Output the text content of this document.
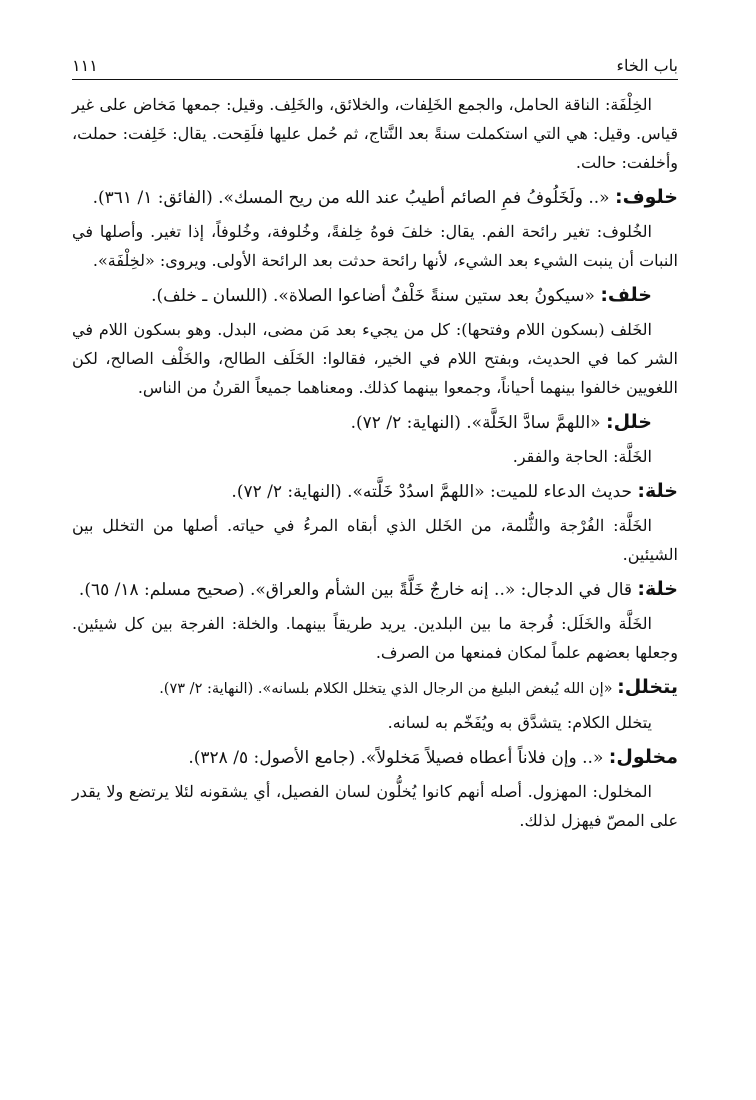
باب الخاء
١١١

الخِلْفَة: الناقة الحامل، والجمع الخَلِفات، والخلائق، والخَلِف. وقيل: جمعها مَخاض على غير قياس. وقيل: هي التي استكملت سنةً بعد النَّتاج، ثم حُمل عليها فلَقِحت. يقال: خَلِفت: حملت، وأخلفت: حالت.

خلوف: «.. ولَخَلُوفُ فمِ الصائم أطيبُ عند الله من ريح المسك». (الفائق: ١/ ٣٦١).

الخُلوف: تغير رائحة الفم. يقال: خلفَ فوهُ خِلفةً، وخُلوفة، وخُلوفاً، إذا تغير. وأصلها في النبات أن ينبت الشيء بعد الشيء، لأنها رائحة حدثت بعد الرائحة الأولى. ويروى: «لخِلْفَة».

خلف: «سيكونُ بعد ستين سنةً خَلْفٌ أضاعوا الصلاة». (اللسان ـ خلف).

الخَلف (بسكون اللام وفتحها): كل من يجيء بعد مَن مضى، البدل. وهو بسكون اللام في الشر كما في الحديث، وبفتح اللام في الخير، فقالوا: الخَلَف الطالح، والخَلْف الصالح، لكن اللغويين خالفوا بينهما أحياناً، وجمعوا بينهما كذلك. ومعناهما جميعاً القرنُ من الناس.

خلل: «اللهمَّ سادَّ الخَلَّة». (النهاية: ٢/ ٧٢).

الخَلَّة: الحاجة والفقر.

خلة: حديث الدعاء للميت: «اللهمَّ اسدُدْ خَلَّته». (النهاية: ٢/ ٧٢).

الخَلَّة: الفُرْجة والثُّلمة، من الخَلل الذي أبقاه المرءُ في حياته. أصلها من التخلل بين الشيئين.

خلة: قال في الدجال: «.. إنه خارجٌ خَلَّةً بين الشأم والعراق». (صحيح مسلم: ١٨/ ٦٥).

الخَلَّة والخَلَل: فُرجة ما بين البلدين. يريد طريقاً بينهما. والخلة: الفرجة بين كل شيئين. وجعلها بعضهم علماً لمكان فمنعها من الصرف.

يتخلل: «إن الله يُبغض البليغ من الرجال الذي يتخلل الكلام بلسانه». (النهاية: ٢/ ٧٣).

يتخلل الكلام: يتشدَّق به ويُفَخّم به لسانه.

مخلول: «.. وإن فلاناً أعطاه فصيلاً مَخلولاً». (جامع الأصول: ٥/ ٣٢٨).

المخلول: المهزول. أصله أنهم كانوا يُخلُّون لسان الفصيل، أي يشقونه لئلا يرتضع ولا يقدر على المصّ فيهزل لذلك.
